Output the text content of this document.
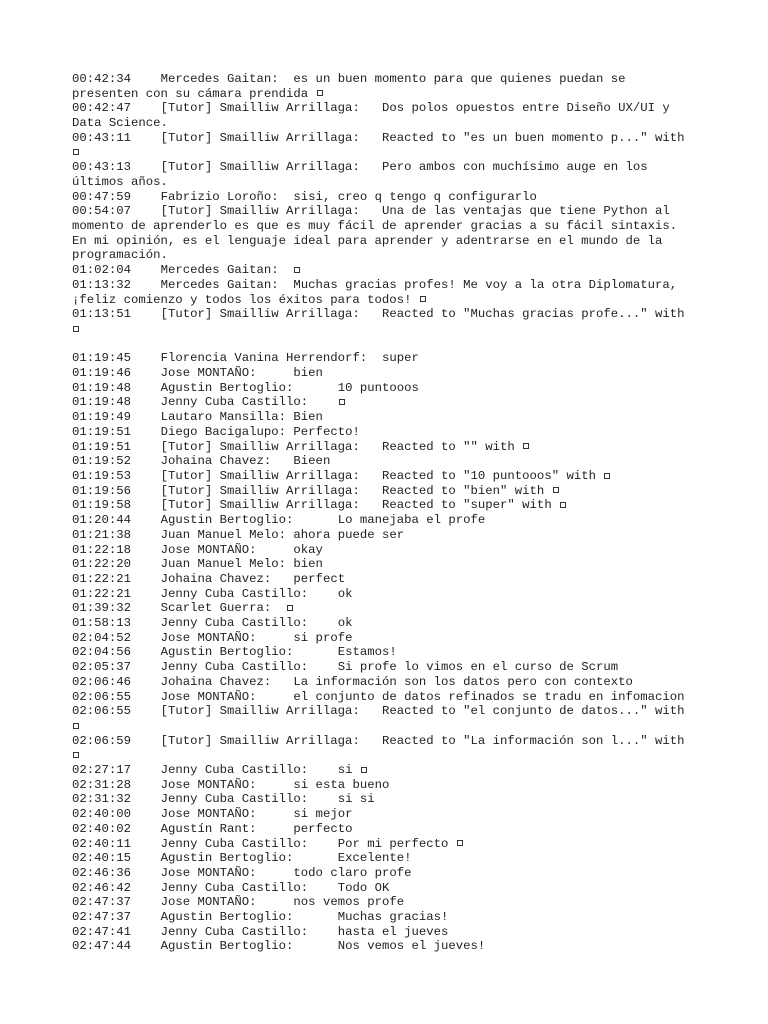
00:42:34 Mercedes Gaitan: es un buen momento para que quienes puedan se
presenten con su cámara prendida
00:42:47 [Tutor] Smailliw Arrillaga: Dos polos opuestos entre Diseño UX/UI y
Data Science.
00:43:11 [Tutor] Smailliw Arrillaga: Reacted to "es un buen momento p..." with

00:43:13 [Tutor] Smailliw Arrillaga: Pero ambos con muchísimo auge en los
últimos años.
00:47:59 Fabrizio Loroño: sisi, creo q tengo q configurarlo
00:54:07 [Tutor] Smailliw Arrillaga: Una de las ventajas que tiene Python al
momento de aprenderlo es que es muy fácil de aprender gracias a su fácil sintaxis.
En mi opinión, es el lenguaje ideal para aprender y adentrarse en el mundo de la
programación.
01:02:04 Mercedes Gaitan:
01:13:32 Mercedes Gaitan: Muchas gracias profes! Me voy a la otra Diplomatura,
¡feliz comienzo y todos los éxitos para todos!
01:13:51 [Tutor] Smailliw Arrillaga: Reacted to "Muchas gracias profe..." with

01:19:45 Florencia Vanina Herrendorf: super
01:19:46 Jose MONTAÑO:	bien
01:19:48 Agustin Bertoglio:	10 puntooos
01:19:48 Jenny Cuba Castillo:
01:19:49 Lautaro Mansilla: Bien
01:19:51 Diego Bacigalupo: Perfecto!
01:19:51 [Tutor] Smailliw Arrillaga: Reacted to "" with
01:19:52 Johaina Chavez: Bieen
01:19:53 [Tutor] Smailliw Arrillaga: Reacted to "10 puntooos" with
01:19:56 [Tutor] Smailliw Arrillaga: Reacted to "bien" with
01:19:58 [Tutor] Smailliw Arrillaga: Reacted to "super" with
01:20:44 Agustin Bertoglio:	Lo manejaba el profe
01:21:38 Juan Manuel Melo: ahora puede ser
01:22:18 Jose MONTAÑO:	okay
01:22:20 Juan Manuel Melo: bien
01:22:21 Johaina Chavez: perfect
01:22:21 Jenny Cuba Castillo: ok
01:39:32 Scarlet Guerra:
01:58:13 Jenny Cuba Castillo: ok
02:04:52 Jose MONTAÑO:	si profe
02:04:56 Agustin Bertoglio:	Estamos!
02:05:37 Jenny Cuba Castillo: Si profe lo vimos en el curso de Scrum
02:06:46 Johaina Chavez: La información son los datos pero con contexto
02:06:55 Jose MONTAÑO:	el conjunto de datos refinados se tradu en infomacion
02:06:55 [Tutor] Smailliw Arrillaga: Reacted to "el conjunto de datos..." with

02:06:59 [Tutor] Smailliw Arrillaga: Reacted to "La información son l..." with

02:27:17 Jenny Cuba Castillo: si
02:31:28 Jose MONTAÑO:	si esta bueno
02:31:32 Jenny Cuba Castillo: si si
02:40:00 Jose MONTAÑO:	si mejor
02:40:02 Agustín Rant:	perfecto
02:40:11 Jenny Cuba Castillo: Por mi perfecto
02:40:15 Agustin Bertoglio:	Excelente!
02:46:36 Jose MONTAÑO:	todo claro profe
02:46:42 Jenny Cuba Castillo: Todo OK
02:47:37 Jose MONTAÑO:	nos vemos profe
02:47:37 Agustin Bertoglio:	Muchas gracias!
02:47:41 Jenny Cuba Castillo: hasta el jueves
02:47:44 Agustin Bertoglio:	Nos vemos el jueves!
